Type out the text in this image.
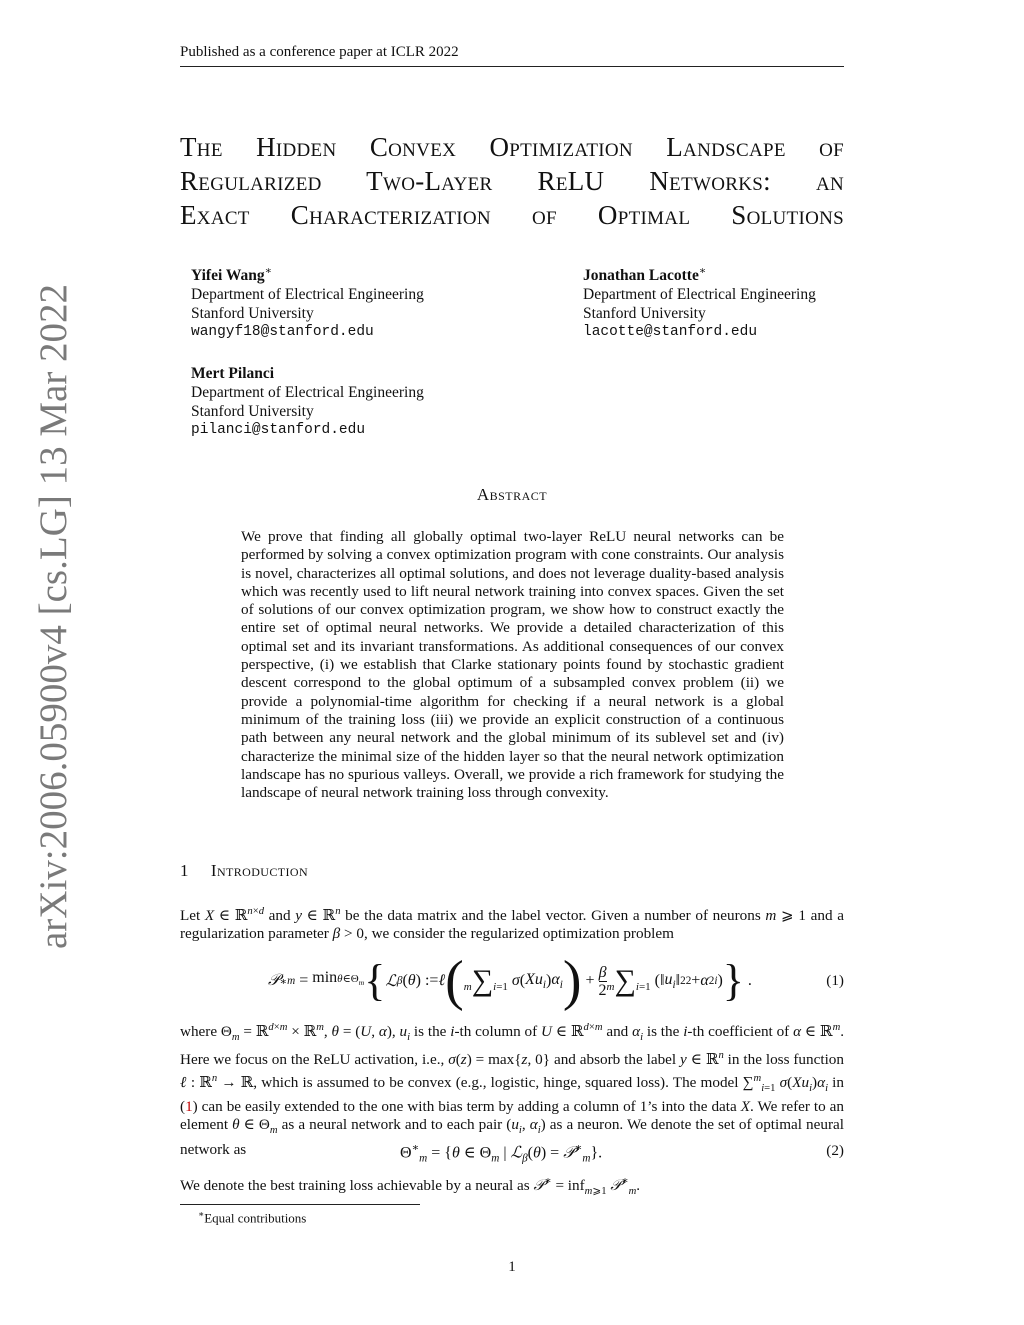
Published as a conference paper at ICLR 2022
arXiv:2006.05900v4 [cs.LG] 13 Mar 2022
The Hidden Convex Optimization Landscape of
Regularized Two-Layer ReLU Networks: an
Exact Characterization of Optimal Solutions
Yifei Wang∗
Department of Electrical Engineering
Stanford University
wangyf18@stanford.edu
Jonathan Lacotte∗
Department of Electrical Engineering
Stanford University
lacotte@stanford.edu
Mert Pilanci
Department of Electrical Engineering
Stanford University
pilanci@stanford.edu
Abstract
We prove that finding all globally optimal two-layer ReLU neural networks can be performed by solving a convex optimization program with cone constraints. Our analysis is novel, characterizes all optimal solutions, and does not leverage duality-based analysis which was recently used to lift neural network training into convex spaces. Given the set of solutions of our convex optimization program, we show how to construct exactly the entire set of optimal neural networks. We provide a detailed characterization of this optimal set and its invariant transformations. As additional consequences of our convex perspective, (i) we establish that Clarke stationary points found by stochastic gradient descent correspond to the global optimum of a subsampled convex problem (ii) we provide a polynomial-time algorithm for checking if a neural network is a global minimum of the training loss (iii) we provide an explicit construction of a continuous path between any neural network and the global minimum of its sublevel set and (iv) characterize the minimal size of the hidden layer so that the neural network optimization landscape has no spurious valleys. Overall, we provide a rich framework for studying the landscape of neural network training loss through convexity.
1 Introduction
Let X ∈ ℝ$^{n\times d}$ and y ∈ ℝ$^n$ be the data matrix and the label vector. Given a number of neurons m ⩾ 1 and a regularization parameter β > 0, we consider the regularized optimization problem
𝒫 ∗ $m = \min\theta\in\Theta_m$ { ℒ β ( θ ) := ℓ ( m∑i=1
σ ( $Xu_i$ ) $\alpha_i$ ) + $\frac{\beta}{2} m\sum i=1$ (‖ $u_i$ ‖ 2 2 + α 2 i ) } .	(1)
where $\Theta_m$ = ℝ$^{d\times m}$ × ℝ$^m$, θ = (U, α), $u_i$ is the i-th column of U ∈ ℝ$^{d\times m}$ and $\alpha_i$ is the i-th coefficient of α ∈ ℝ$^m$. Here we focus on the ReLU activation, i.e., σ(z) = max{z, 0} and absorb the label y ∈ ℝ$^n$ in the loss function ℓ : ℝ$^n$ → ℝ, which is assumed to be convex (e.g., logistic, hinge, squared loss). The model ∑$^m_{i=1}$ $\sigma(Xu_i)\alpha_i$ in (1) can be easily extended to the one with bias term by adding a column of 1’s into the data X. We refer to an element θ ∈ $\Theta_m$ as a neural network and to each pair ($u_i$, $\alpha_i$) as a neuron. We denote the set of optimal neural network as	$\Theta^∗_m = \{\theta$ ∈ $\Theta_m$ | ℒ$_\beta$(θ) = 𝒫∗$_m$}.	(2)
We denote the best training loss achievable by a neural as 𝒫∗ = inf$_{m⩾1}$ 𝒫∗$_m$.
∗Equal contributions
1
